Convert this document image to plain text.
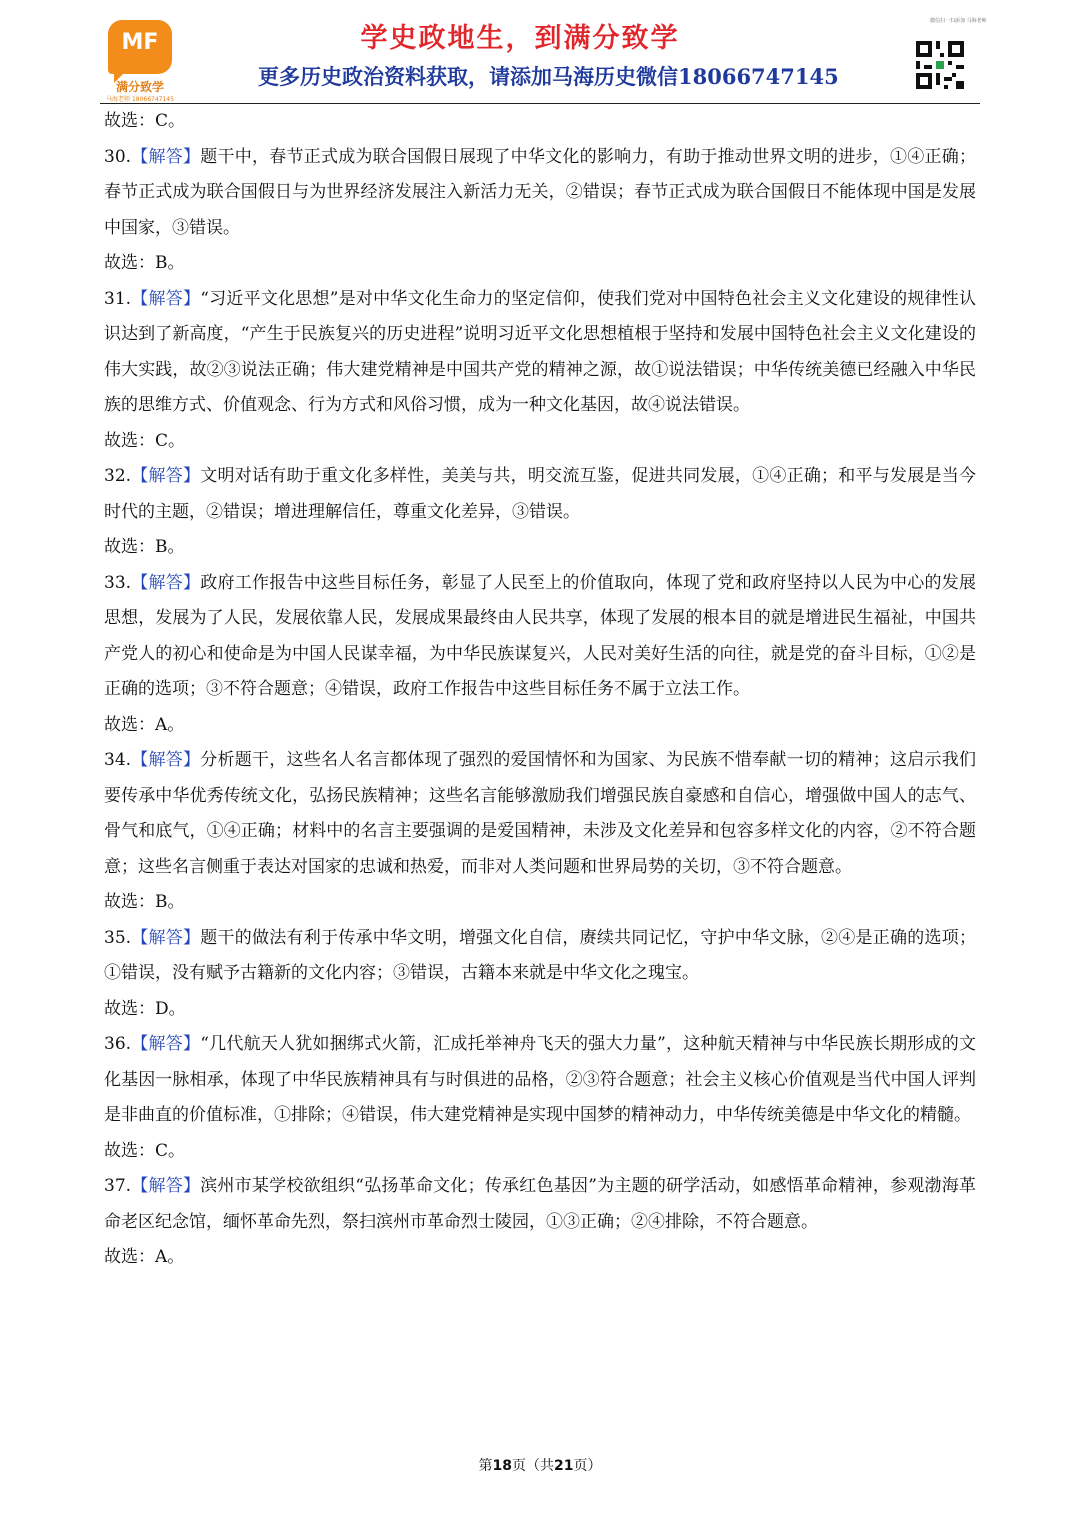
MF
满分致学
马海老师 18066747145
学史政地生，到满分致学
更多历史政治资料获取，请添加马海历史微信18066747145
微信扫一扫添加 马海老师

故选：C。

30.【解答】题干中，春节正式成为联合国假日展现了中华文化的影响力，有助于推动世界文明的进步，①④正确；春节正式成为联合国假日与为世界经济发展注入新活力无关，②错误；春节正式成为联合国假日不能体现中国是发展中国家，③错误。

故选：B。

31.【解答】“习近平文化思想”是对中华文化生命力的坚定信仰，使我们党对中国特色社会主义文化建设的规律性认识达到了新高度，“产生于民族复兴的历史进程”说明习近平文化思想植根于坚持和发展中国特色社会主义文化建设的伟大实践，故②③说法正确；伟大建党精神是中国共产党的精神之源，故①说法错误；中华传统美德已经融入中华民族的思维方式、价值观念、行为方式和风俗习惯，成为一种文化基因，故④说法错误。

故选：C。

32.【解答】文明对话有助于重文化多样性，美美与共，明交流互鉴，促进共同发展，①④正确；和平与发展是当今时代的主题，②错误；增进理解信任，尊重文化差异，③错误。

故选：B。

33.【解答】政府工作报告中这些目标任务，彰显了人民至上的价值取向，体现了党和政府坚持以人民为中心的发展思想，发展为了人民，发展依靠人民，发展成果最终由人民共享，体现了发展的根本目的就是增进民生福祉，中国共产党人的初心和使命是为中国人民谋幸福，为中华民族谋复兴，人民对美好生活的向往，就是党的奋斗目标，①②是正确的选项；③不符合题意；④错误，政府工作报告中这些目标任务不属于立法工作。

故选：A。

34.【解答】分析题干，这些名人名言都体现了强烈的爱国情怀和为国家、为民族不惜奉献一切的精神；这启示我们要传承中华优秀传统文化，弘扬民族精神；这些名言能够激励我们增强民族自豪感和自信心，增强做中国人的志气、骨气和底气，①④正确；材料中的名言主要强调的是爱国精神，未涉及文化差异和包容多样文化的内容，②不符合题意；这些名言侧重于表达对国家的忠诚和热爱，而非对人类问题和世界局势的关切，③不符合题意。

故选：B。

35.【解答】题干的做法有利于传承中华文明，增强文化自信，赓续共同记忆，守护中华文脉，②④是正确的选项；①错误，没有赋予古籍新的文化内容；③错误，古籍本来就是中华文化之瑰宝。

故选：D。

36.【解答】“几代航天人犹如捆绑式火箭，汇成托举神舟飞天的强大力量”，这种航天精神与中华民族长期形成的文化基因一脉相承，体现了中华民族精神具有与时俱进的品格，②③符合题意；社会主义核心价值观是当代中国人评判是非曲直的价值标准，①排除；④错误，伟大建党精神是实现中国梦的精神动力，中华传统美德是中华文化的精髓。

故选：C。

37.【解答】滨州市某学校欲组织“弘扬革命文化；传承红色基因”为主题的研学活动，如感悟革命精神，参观渤海革命老区纪念馆，缅怀革命先烈，祭扫滨州市革命烈士陵园，①③正确；②④排除，不符合题意。

故选：A。

第18页（共21页）
